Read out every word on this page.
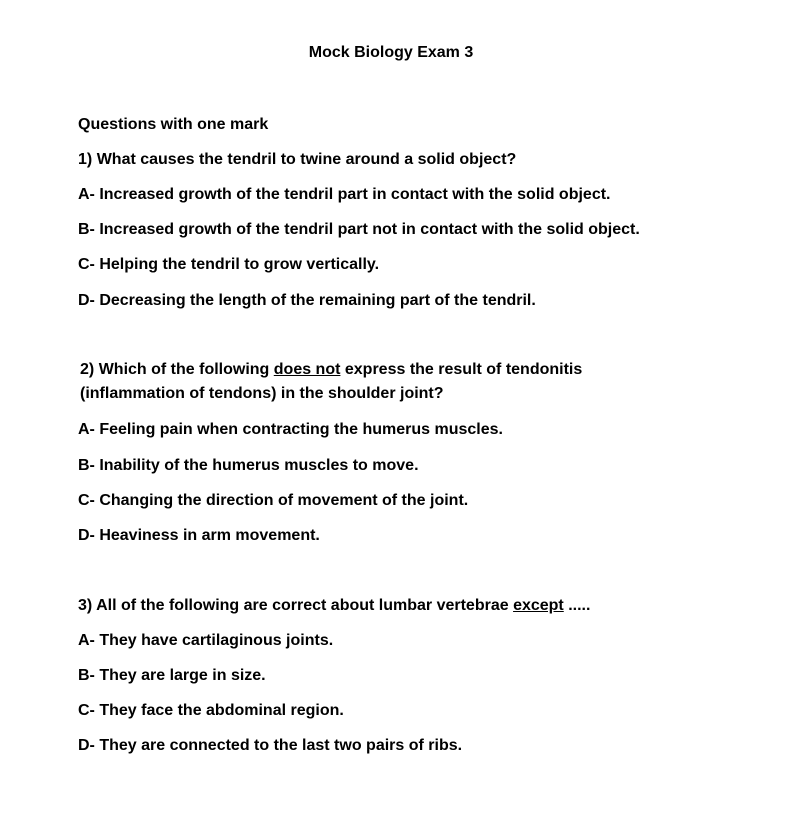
Mock Biology Exam 3
Questions with one mark
1) What causes the tendril to twine around a solid object?
A- Increased growth of the tendril part in contact with the solid object.
B- Increased growth of the tendril part not in contact with the solid object.
C- Helping the tendril to grow vertically.
D- Decreasing the length of the remaining part of the tendril.
2) Which of the following does not express the result of tendonitis (inflammation of tendons) in the shoulder joint?
A- Feeling pain when contracting the humerus muscles.
B- Inability of the humerus muscles to move.
C- Changing the direction of movement of the joint.
D- Heaviness in arm movement.
3) All of the following are correct about lumbar vertebrae except .....
A- They have cartilaginous joints.
B- They are large in size.
C- They face the abdominal region.
D- They are connected to the last two pairs of ribs.
